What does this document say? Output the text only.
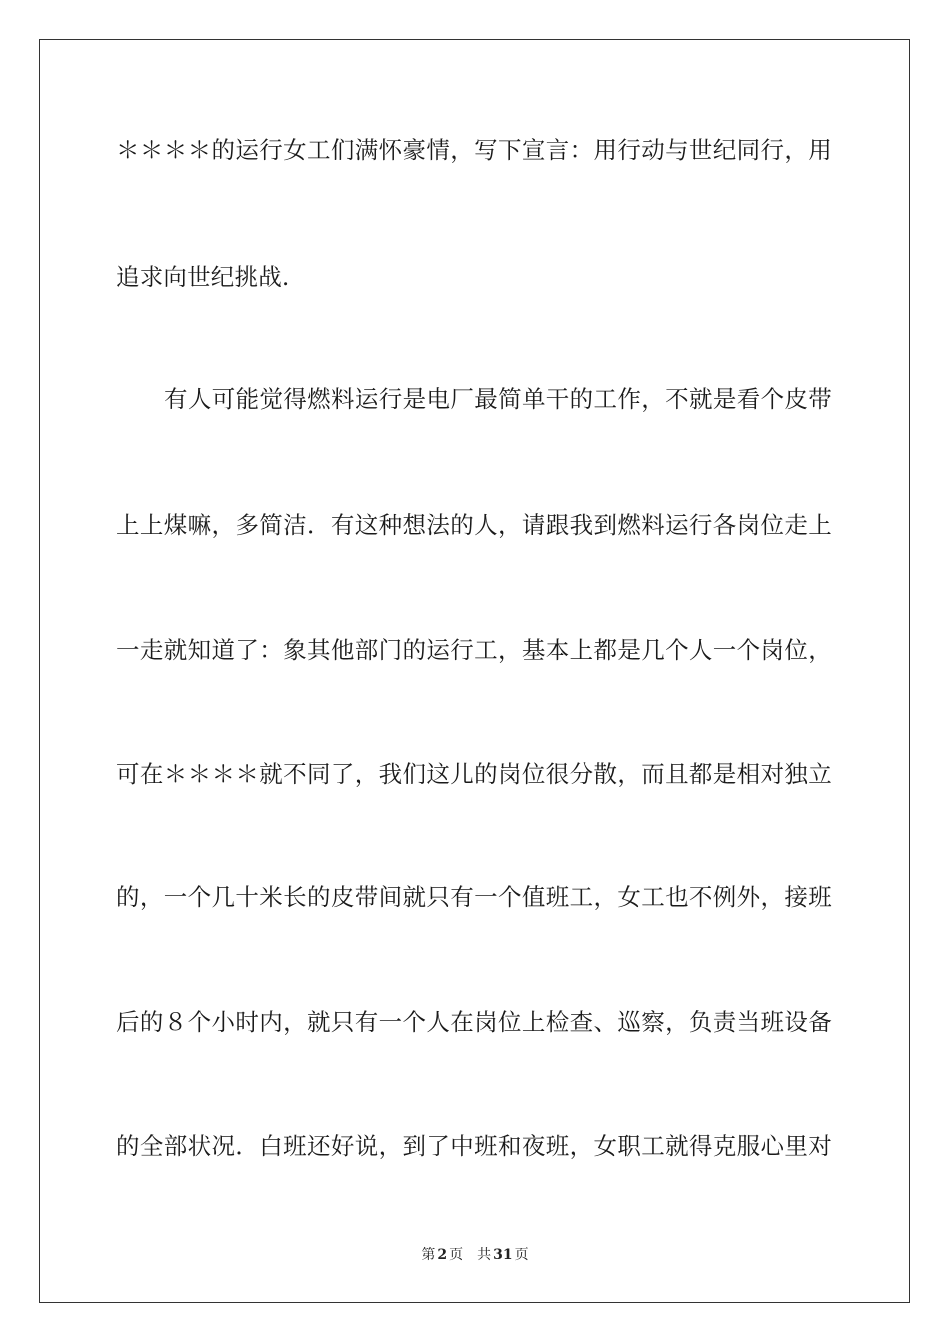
＊＊＊＊的运行女工们满怀豪情，写下宣言：用行动与世纪同行，用
追求向世纪挑战.
有人可能觉得燃料运行是电厂最简单干的工作，不就是看个皮带
上上煤嘛，多简洁．有这种想法的人，请跟我到燃料运行各岗位走上
一走就知道了：象其他部门的运行工，基本上都是几个人一个岗位，
可在＊＊＊＊就不同了，我们这儿的岗位很分散，而且都是相对独立
的，一个几十米长的皮带间就只有一个值班工，女工也不例外，接班
后的８个小时内，就只有一个人在岗位上检查、巡察，负责当班设备
的全部状况．白班还好说，到了中班和夜班，女职工就得克服心里对
第 2 页 共 31 页
